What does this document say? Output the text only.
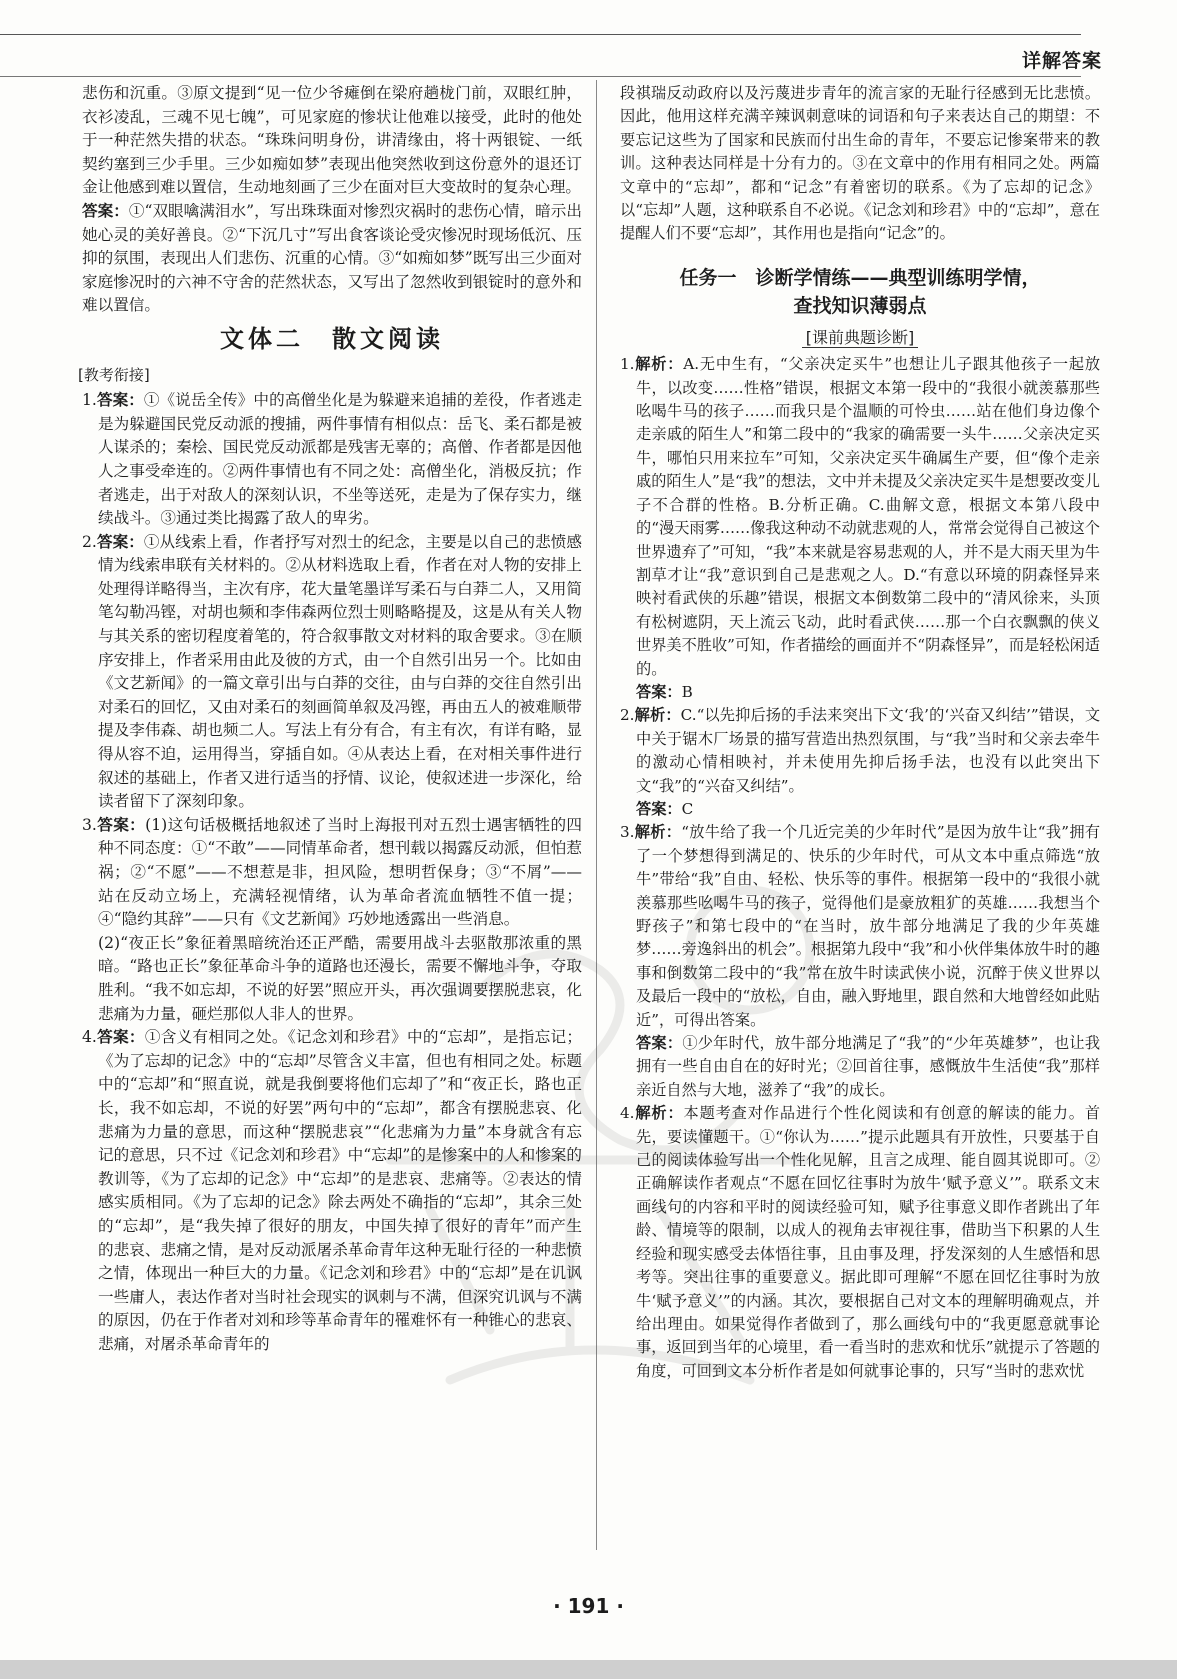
详解答案

悲伤和沉重。③原文提到“见一位少爷瘫倒在梁府趟栊门前，双眼红肿，衣衫凌乱，三魂不见七魄”，可见家庭的惨状让他难以接受，此时的他处于一种茫然失措的状态。“珠珠问明身份，讲清缘由，将十两银锭、一纸契约塞到三少手里。三少如痴如梦”表现出他突然收到这份意外的退还订金让他感到难以置信，生动地刻画了三少在面对巨大变故时的复杂心理。

答案：①“双眼噙满泪水”，写出珠珠面对惨烈灾祸时的悲伤心情，暗示出她心灵的美好善良。②“下沉几寸”写出食客谈论受灾惨况时现场低沉、压抑的氛围，表现出人们悲伤、沉重的心情。③“如痴如梦”既写出三少面对家庭惨况时的六神不守舍的茫然状态，又写出了忽然收到银锭时的意外和难以置信。

文体二　散文阅读
[教考衔接]
1.答案：①《说岳全传》中的高僧坐化是为躲避来追捕的差役，作者逃走是为躲避国民党反动派的搜捕，两件事情有相似点：岳飞、柔石都是被人谋杀的；秦桧、国民党反动派都是残害无辜的；高僧、作者都是因他人之事受牵连的。②两件事情也有不同之处：高僧坐化，消极反抗；作者逃走，出于对敌人的深刻认识，不坐等送死，走是为了保存实力，继续战斗。③通过类比揭露了敌人的卑劣。
2.答案：①从线索上看，作者抒写对烈士的纪念，主要是以自己的悲愤感情为线索串联有关材料的。②从材料选取上看，作者在对人物的安排上处理得详略得当，主次有序，花大量笔墨详写柔石与白莽二人，又用简笔勾勒冯铿，对胡也频和李伟森两位烈士则略略提及，这是从有关人物与其关系的密切程度着笔的，符合叙事散文对材料的取舍要求。③在顺序安排上，作者采用由此及彼的方式，由一个自然引出另一个。比如由《文艺新闻》的一篇文章引出与白莽的交往，由与白莽的交往自然引出对柔石的回忆，又由对柔石的刻画简单叙及冯铿，再由五人的被难顺带提及李伟森、胡也频二人。写法上有分有合，有主有次，有详有略，显得从容不迫，运用得当，穿插自如。④从表达上看，在对相关事件进行叙述的基础上，作者又进行适当的抒情、议论，使叙述进一步深化，给读者留下了深刻印象。
3.答案：(1)这句话极概括地叙述了当时上海报刊对五烈士遇害牺牲的四种不同态度：①“不敢”——同情革命者，想刊载以揭露反动派，但怕惹祸；②“不愿”——不想惹是非，担风险，想明哲保身；③“不屑”——站在反动立场上，充满轻视情绪，认为革命者流血牺牲不值一提；④“隐约其辞”——只有《文艺新闻》巧妙地透露出一些消息。

(2)“夜正长”象征着黑暗统治还正严酷，需要用战斗去驱散那浓重的黑暗。“路也正长”象征革命斗争的道路也还漫长，需要不懈地斗争，夺取胜利。“我不如忘却，不说的好罢”照应开头，再次强调要摆脱悲哀，化悲痛为力量，砸烂那似人非人的世界。

4.答案：①含义有相同之处。《记念刘和珍君》中的“忘却”，是指忘记；《为了忘却的记念》中的“忘却”尽管含义丰富，但也有相同之处。标题中的“忘却”和“照直说，就是我倒要将他们忘却了”和“夜正长，路也正长，我不如忘却，不说的好罢”两句中的“忘却”，都含有摆脱悲哀、化悲痛为力量的意思，而这种“摆脱悲哀”“化悲痛为力量”本身就含有忘记的意思，只不过《记念刘和珍君》中“忘却”的是惨案中的人和惨案的教训等，《为了忘却的记念》中“忘却”的是悲哀、悲痛等。②表达的情感实质相同。《为了忘却的记念》除去两处不确指的“忘却”，其余三处的“忘却”，是“我失掉了很好的朋友，中国失掉了很好的青年”而产生的悲哀、悲痛之情，是对反动派屠杀革命青年这种无耻行径的一种悲愤之情，体现出一种巨大的力量。《记念刘和珍君》中的“忘却”是在讥讽一些庸人，表达作者对当时社会现实的讽刺与不满，但深究讥讽与不满的原因，仍在于作者对刘和珍等革命青年的罹难怀有一种锥心的悲哀、悲痛，对屠杀革命青年的

段祺瑞反动政府以及污蔑进步青年的流言家的无耻行径感到无比悲愤。因此，他用这样充满辛辣讽刺意味的词语和句子来表达自己的期望：不要忘记这些为了国家和民族而付出生命的青年，不要忘记惨案带来的教训。这种表达同样是十分有力的。③在文章中的作用有相同之处。两篇文章中的“忘却”，都和“记念”有着密切的联系。《为了忘却的记念》以“忘却”人题，这种联系自不必说。《记念刘和珍君》中的“忘却”，意在提醒人们不要“忘却”，其作用也是指向“记念”的。

任务一　诊断学情练——典型训练明学情，
查找知识薄弱点
[课前典题诊断]
1.解析：A.无中生有，“父亲决定买牛”也想让儿子跟其他孩子一起放牛，以改变……性格”错误，根据文本第一段中的“我很小就羡慕那些吆喝牛马的孩子……而我只是个温顺的可怜虫……站在他们身边像个走亲戚的陌生人”和第二段中的“我家的确需要一头牛……父亲决定买牛，哪怕只用来拉车”可知，父亲决定买牛确属生产要，但“像个走亲戚的陌生人”是“我”的想法，文中并未提及父亲决定买牛是想要改变儿子不合群的性格。B.分析正确。C.曲解文意，根据文本第八段中的“漫天雨雾……像我这种动不动就悲观的人，常常会觉得自己被这个世界遗弃了”可知，“我”本来就是容易悲观的人，并不是大雨天里为牛割草才让“我”意识到自己是悲观之人。D.“有意以环境的阴森怪异来映衬看武侠的乐趣”错误，根据文本倒数第二段中的“清风徐来，头顶有松树遮阴，天上流云飞动，此时看武侠……那一个白衣飘飘的侠义世界美不胜收”可知，作者描绘的画面并不“阴森怪异”，而是轻松闲适的。

答案：B

2.解析：C.“以先抑后扬的手法来突出下文‘我’的‘兴奋又纠结’”错误，文中关于锯木厂场景的描写营造出热烈氛围，与“我”当时和父亲去牵牛的激动心情相映衬，并未使用先抑后扬手法，也没有以此突出下文“我”的“兴奋又纠结”。

答案：C

3.解析：“放牛给了我一个几近完美的少年时代”是因为放牛让“我”拥有了一个梦想得到满足的、快乐的少年时代，可从文本中重点筛选“放牛”带给“我”自由、轻松、快乐等的事件。根据第一段中的“我很小就羡慕那些吆喝牛马的孩子，觉得他们是豪放粗犷的英雄……我想当个野孩子”和第七段中的“在当时，放牛部分地满足了我的少年英雄梦……旁逸斜出的机会”。根据第九段中“我”和小伙伴集体放牛时的趣事和倒数第二段中的“我”常在放牛时读武侠小说，沉醉于侠义世界以及最后一段中的“放松，自由，融入野地里，跟自然和大地曾经如此贴近”，可得出答案。

答案：①少年时代，放牛部分地满足了“我”的“少年英雄梦”，也让我拥有一些自由自在的好时光；②回首往事，感慨放牛生活使“我”那样亲近自然与大地，滋养了“我”的成长。

4.解析：本题考查对作品进行个性化阅读和有创意的解读的能力。首先，要读懂题干。①“你认为……”提示此题具有开放性，只要基于自己的阅读体验写出一个性化见解，且言之成理、能自圆其说即可。②正确解读作者观点“不愿在回忆往事时为放牛‘赋予意义’”。联系文末画线句的内容和平时的阅读经验可知，赋予往事意义即作者跳出了年龄、情境等的限制，以成人的视角去审视往事，借助当下积累的人生经验和现实感受去体悟往事，且由事及理，抒发深刻的人生感悟和思考等。突出往事的重要意义。据此即可理解“不愿在回忆往事时为放牛‘赋予意义’”的内涵。其次，要根据自己对文本的理解明确观点，并给出理由。如果觉得作者做到了，那么画线句中的“我更愿意就事论事，返回到当年的心境里，看一看当时的悲欢和忧乐”就提示了答题的角度，可回到文本分析作者是如何就事论事的，只写“当时的悲欢忧
· 191 ·
